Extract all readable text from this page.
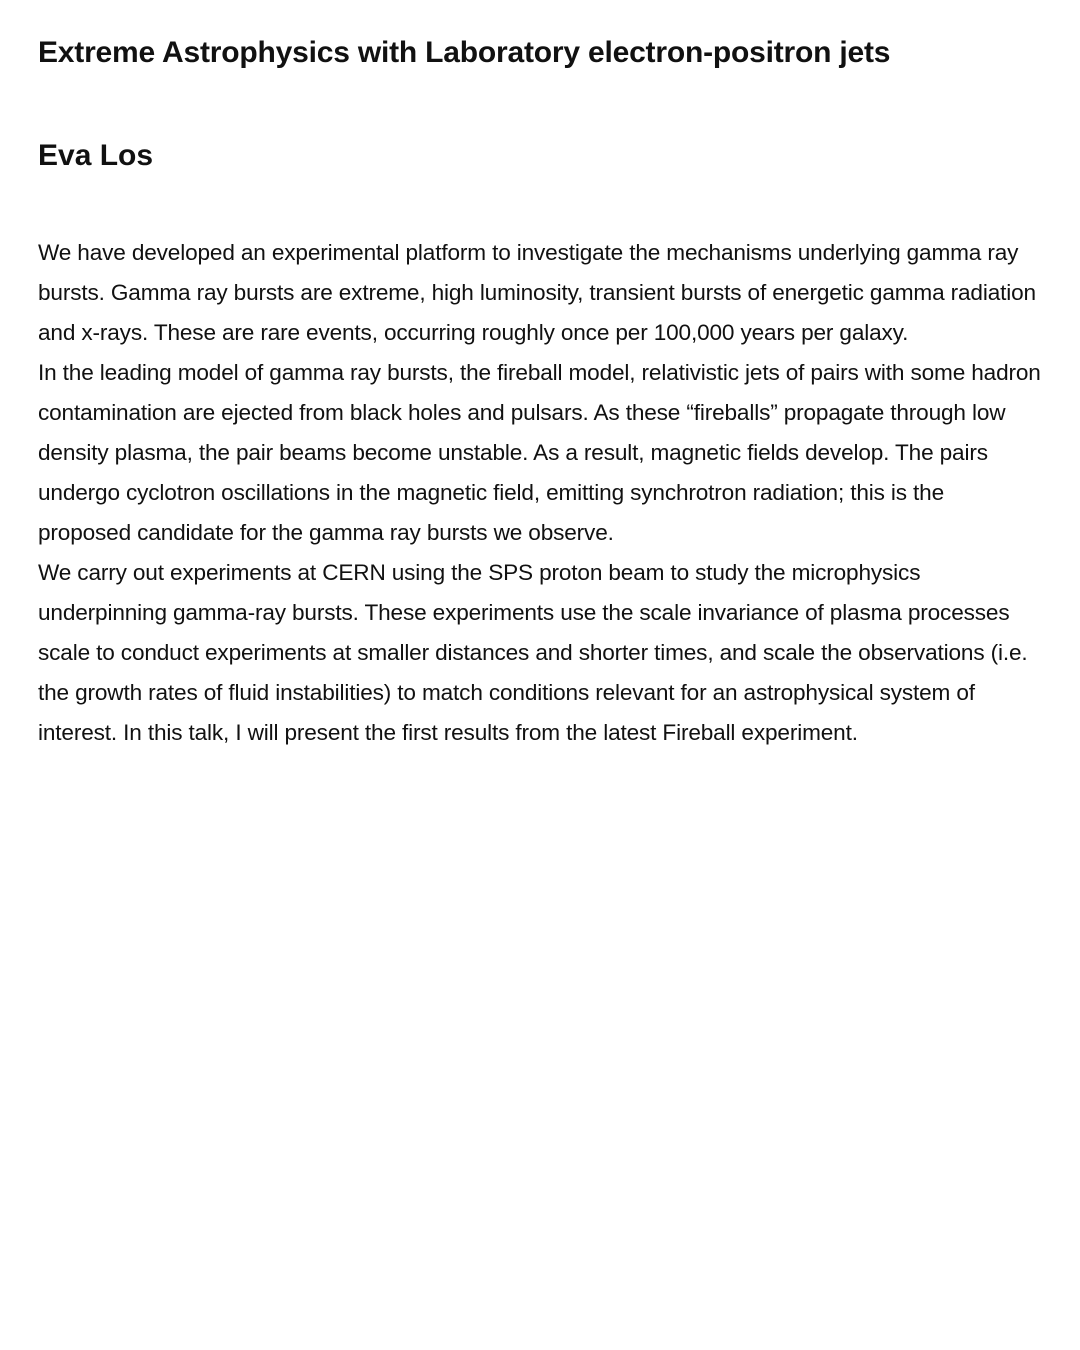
Extreme Astrophysics with Laboratory electron-positron jets
Eva Los

We have developed an experimental platform to investigate the mechanisms underlying gamma ray bursts. Gamma ray bursts are extreme, high luminosity, transient bursts of energetic gamma radiation and x-rays. These are rare events, occurring roughly once per 100,000 years per galaxy.

In the leading model of gamma ray bursts, the fireball model, relativistic jets of pairs with some hadron contamination are ejected from black holes and pulsars. As these “fireballs” propagate through low density plasma, the pair beams become unstable. As a result, magnetic fields develop. The pairs undergo cyclotron oscillations in the magnetic field, emitting synchrotron radiation; this is the proposed candidate for the gamma ray bursts we observe.

We carry out experiments at CERN using the SPS proton beam to study the microphysics underpinning gamma-ray bursts. These experiments use the scale invariance of plasma processes scale to conduct experiments at smaller distances and shorter times, and scale the observations (i.e. the growth rates of fluid instabilities) to match conditions relevant for an astrophysical system of interest. In this talk, I will present the first results from the latest Fireball experiment.
